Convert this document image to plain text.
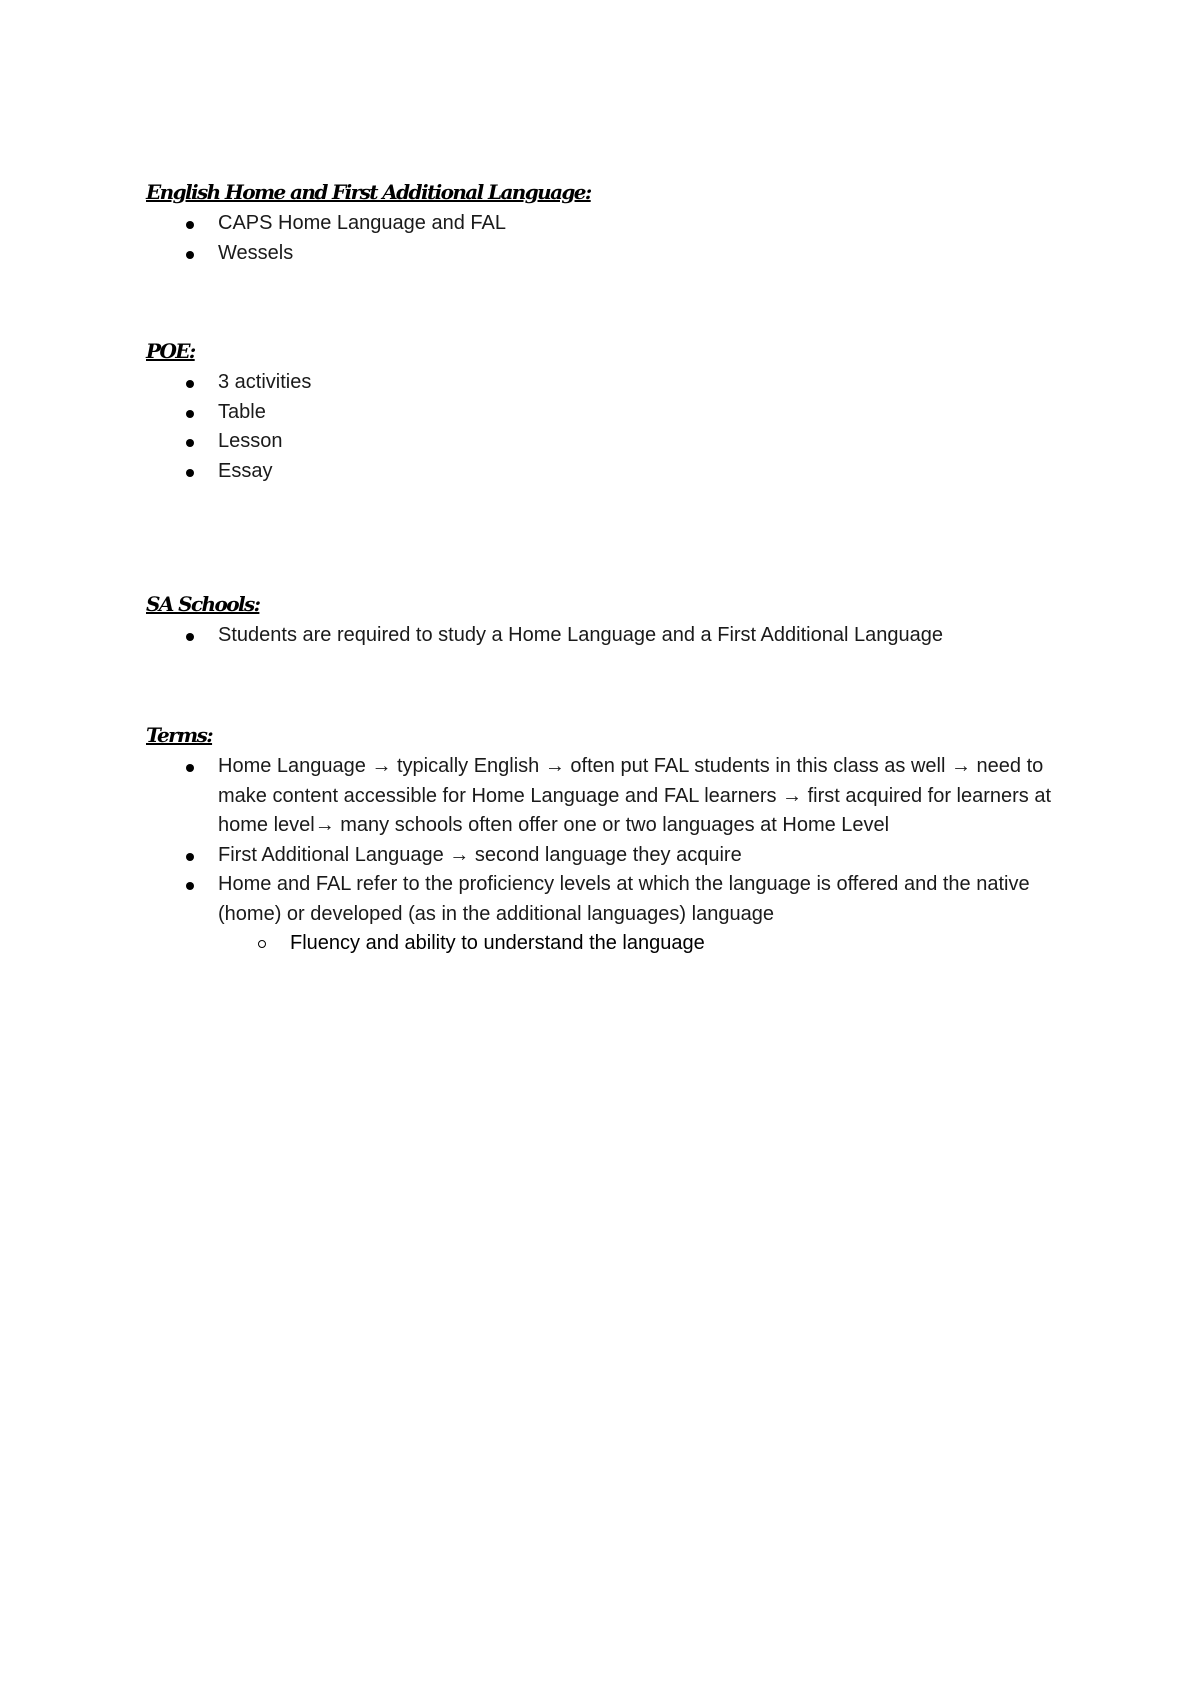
English Home and First Additional Language:

CAPS Home Language and FAL
Wessels

POE:

3 activities
Table
Lesson
Essay

SA Schools:

Students are required to study a Home Language and a First Additional Language

Terms:

Home Language → typically English → often put FAL students in this class as well → need to make content accessible for Home Language and FAL learners → first acquired for learners at home level→ many schools often offer one or two languages at Home Level
First Additional Language → second language they acquire
Home and FAL refer to the proficiency levels at which the language is offered and the native (home) or developed (as in the additional languages) language
Fluency and ability to understand the language
